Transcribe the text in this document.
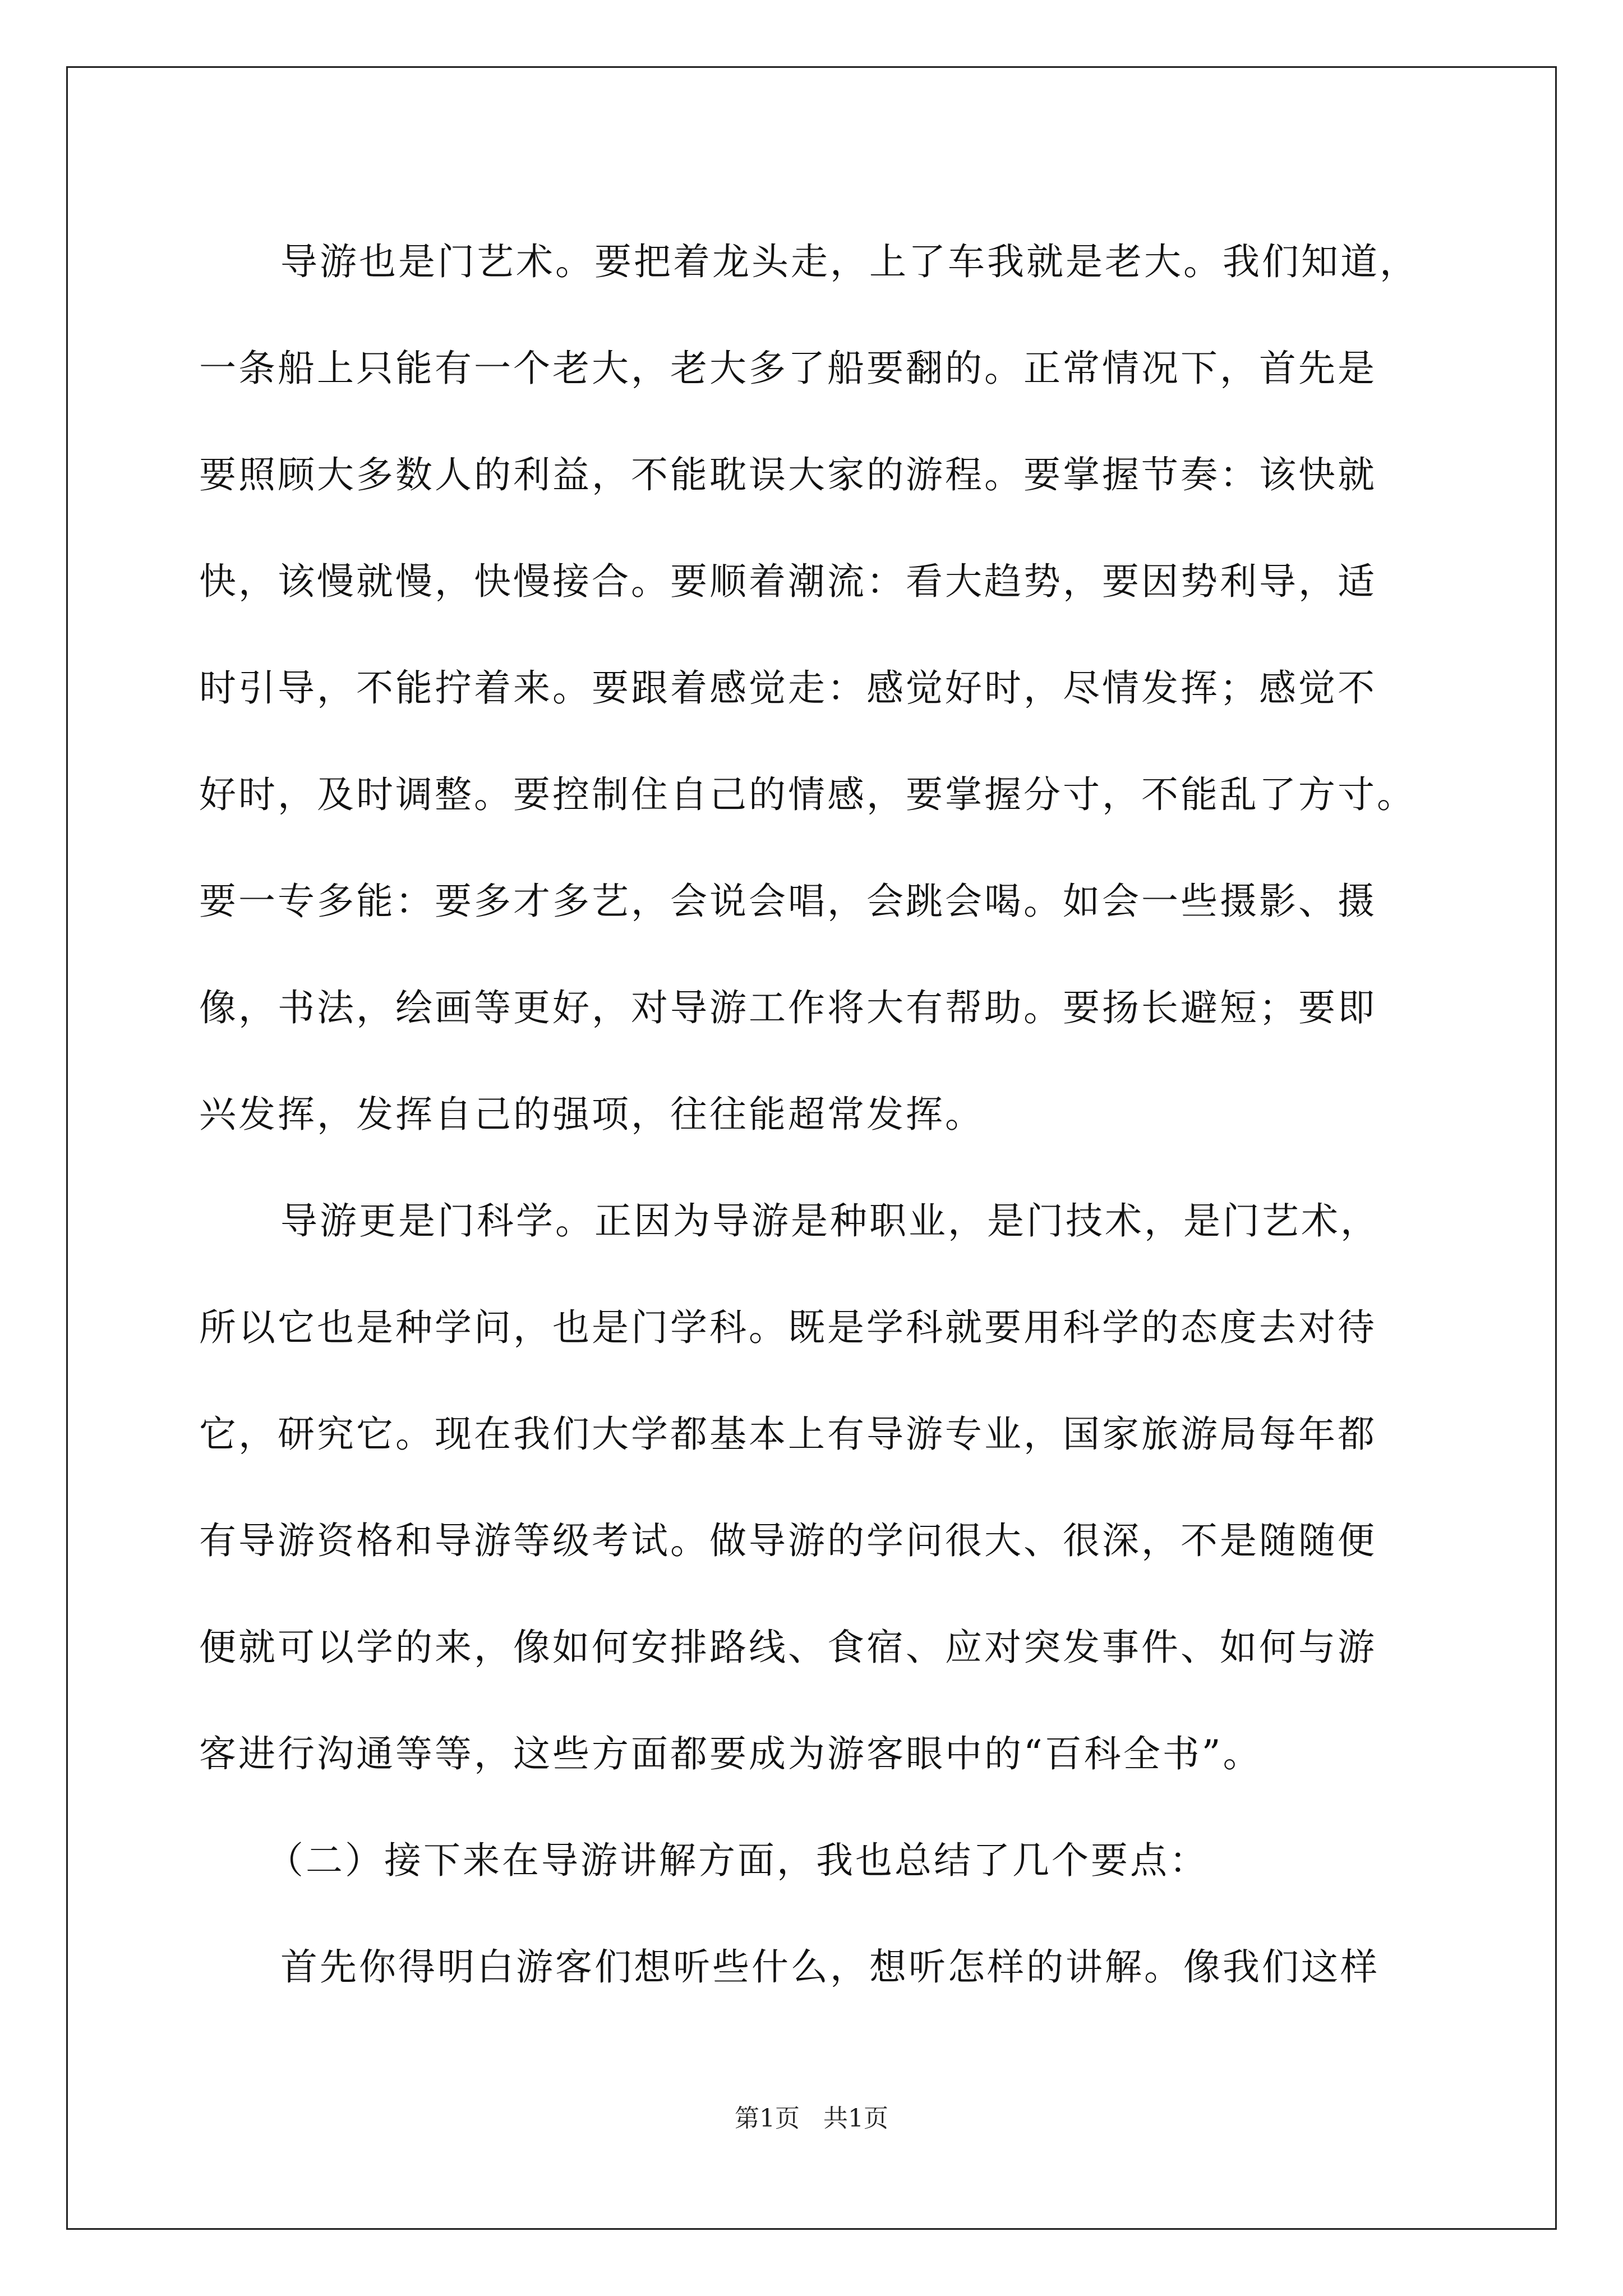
导游也是门艺术。要把着龙头走，上了车我就是老大。我们知道，
一条船上只能有一个老大，老大多了船要翻的。正常情况下，首先是
要照顾大多数人的利益，不能耽误大家的游程。要掌握节奏：该快就
快，该慢就慢，快慢接合。要顺着潮流：看大趋势，要因势利导，适
时引导，不能拧着来。要跟着感觉走：感觉好时，尽情发挥；感觉不
好时，及时调整。要控制住自己的情感，要掌握分寸，不能乱了方寸。
要一专多能：要多才多艺，会说会唱，会跳会喝。如会一些摄影、摄
像，书法，绘画等更好，对导游工作将大有帮助。要扬长避短；要即
兴发挥，发挥自己的强项，往往能超常发挥。
导游更是门科学。正因为导游是种职业，是门技术，是门艺术，
所以它也是种学问，也是门学科。既是学科就要用科学的态度去对待
它，研究它。现在我们大学都基本上有导游专业，国家旅游局每年都
有导游资格和导游等级考试。做导游的学问很大、很深，不是随随便
便就可以学的来，像如何安排路线、食宿、应对突发事件、如何与游
客进行沟通等等，这些方面都要成为游客眼中的“百科全书”。
（二）接下来在导游讲解方面，我也总结了几个要点：
首先你得明白游客们想听些什么，想听怎样的讲解。像我们这样
第1页   共1页
